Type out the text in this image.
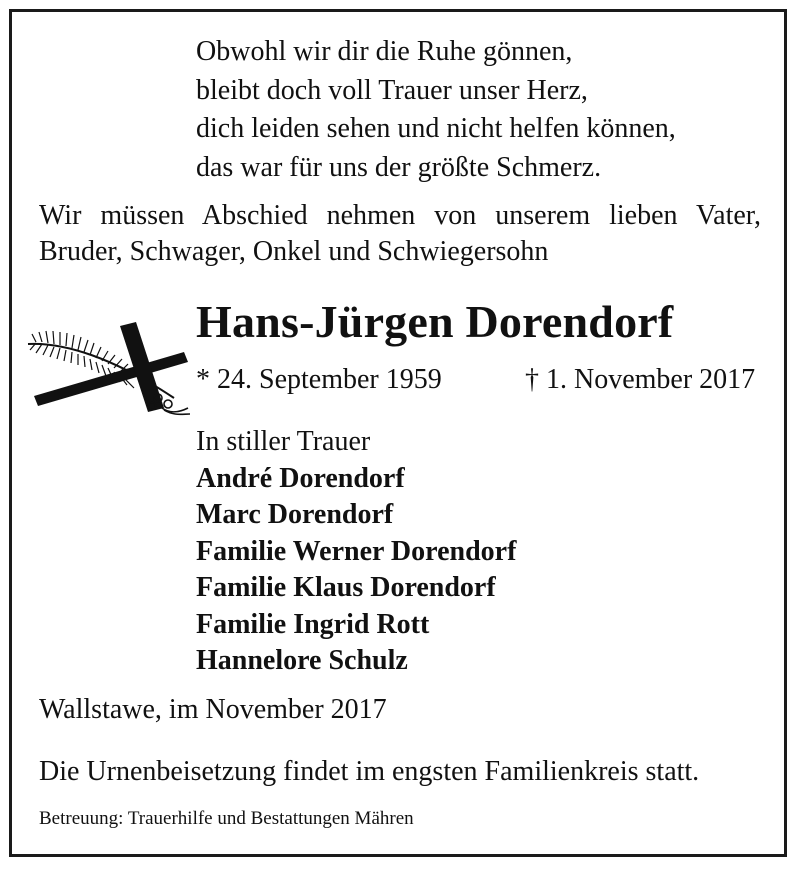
Obwohl wir dir die Ruhe gönnen,
bleibt doch voll Trauer unser Herz,
dich leiden sehen und nicht helfen können,
das war für uns der größte Schmerz.
Wir müssen Abschied nehmen von unserem lieben Vater,
Bruder, Schwager, Onkel und Schwiegersohn
Hans-Jürgen Dorendorf
* 24. September 1959	† 1. November 2017
In stiller Trauer
André Dorendorf
Marc Dorendorf
Familie Werner Dorendorf
Familie Klaus Dorendorf
Familie Ingrid Rott
Hannelore Schulz
Wallstawe, im November 2017
Die Urnenbeisetzung findet im engsten Familienkreis statt.
Betreuung: Trauerhilfe und Bestattungen Mähren
